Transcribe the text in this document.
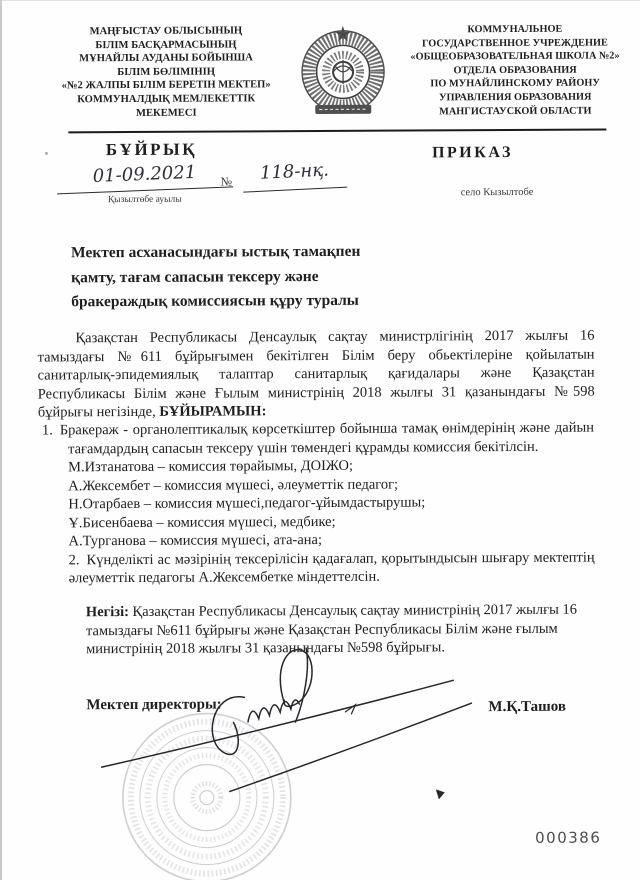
МАҢҒЫСТАУ ОБЛЫСЫНЫҢ
БІЛІМ БАСҚАРМАСЫНЫҢ
МҰНАЙЛЫ АУДАНЫ БОЙЫНША
БІЛІМ БӨЛІМІНІҢ
«№2 ЖАЛПЫ БІЛІМ БЕРЕТІН МЕКТЕП»
КОММУНАЛДЫҚ МЕМЛЕКЕТТІК
МЕКЕМЕСІ
КОММУНАЛЬНОЕ
ГОСУДАРСТВЕННОЕ УЧРЕЖДЕНИЕ
«ОБЩЕОБРАЗОВАТЕЛЬНАЯ ШКОЛА №2»
ОТДЕЛА ОБРАЗОВАНИЯ
ПО МУНАЙЛИНСКОМУ РАЙОНУ
УПРАВЛЕНИЯ ОБРАЗОВАНИЯ
МАНГИСТАУСКОЙ ОБЛАСТИ
БҰЙРЫҚ	ПРИКАЗ
01-09.2021	№	118-нқ.
Қызылтөбе ауылы
село Кызылтобе
Мектеп асханасындағы ыстық тамақпен
қамту, тағам сапасын тексеру және
бракераждық комиссиясын құру туралы

Қазақстан Республикасы Денсаулық сақтау министрлігінің 2017 жылғы 16 тамыздағы №611 бұйрығымен бекітілген Білім беру обьектілеріне қойылатын санитарлық-эпидемиялық талаптар санитарлық қағидалары және Қазақстан Республикасы Білім және Ғылым министрінің 2018 жылғы 31 қазанындағы №598 бұйрығы негізінде, БҰЙЫРАМЫН:

1. Бракераж - органолептикалық көрсеткіштер бойынша тамақ өнімдерінің және дайын тағамдардың сапасын тексеру үшін төмендегі құрамды комиссия бекітілсін.
М.Изтанатова – комиссия төрайымы, ДОІЖО;
А.Жексембет – комиссия мүшесі, әлеуметтік педагог;
Н.Отарбаев – комиссия мүшесі,педагог-ұйымдастырушы;
Ұ.Бисенбаева – комиссия мүшесі, медбике;
А.Турганова – комиссия мүшесі, ата-ана;
2. Күнделікті ас мәзірінің тексерілісін қадағалап, қорытындысын шығару мектептің әлеуметтік педагогы А.Жексембетке міндеттелсін.

Негізі: Қазақстан Республикасы Денсаулық сақтау министрінің 2017 жылғы 16 тамыздағы №611 бұйрығы және Қазақстан Республикасы Білім және ғылым министрінің 2018 жылғы 31 қазанындағы №598 бұйрығы.

Мектеп директоры:	М.Қ.Ташов
000386
